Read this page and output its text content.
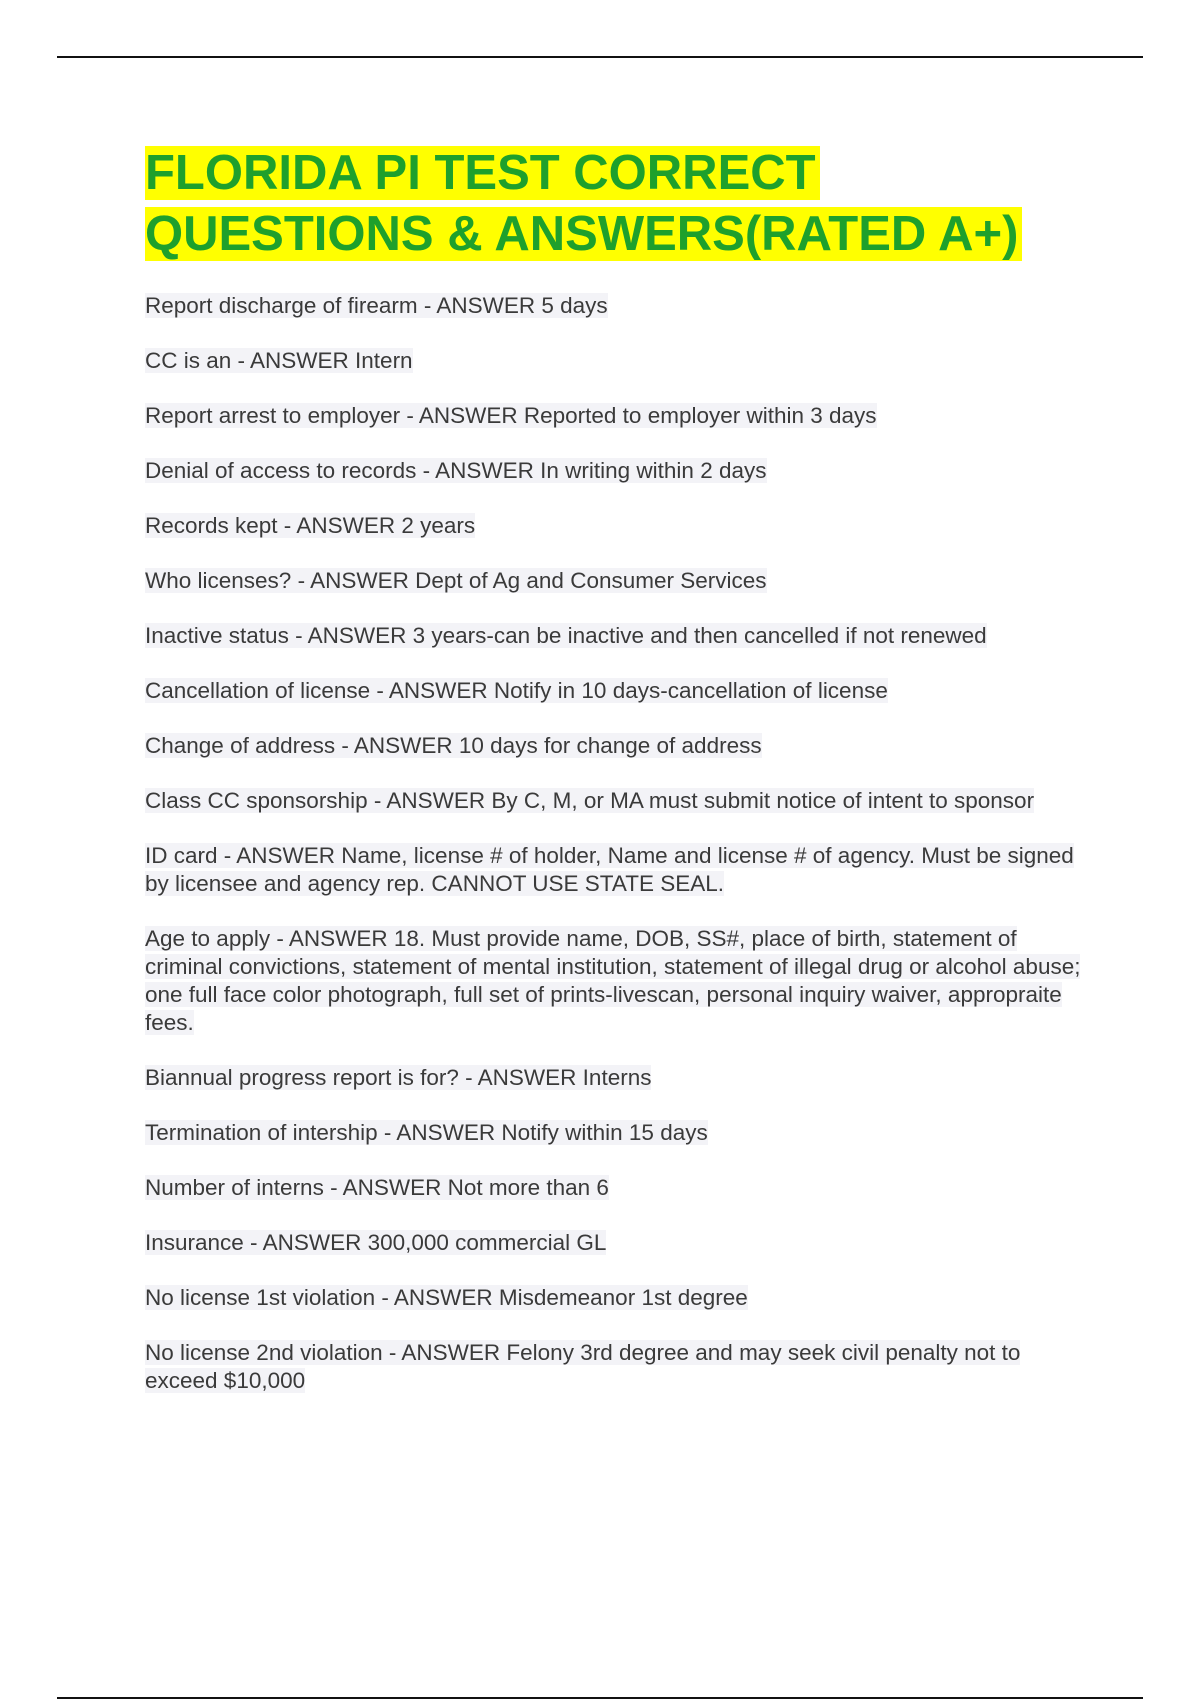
FLORIDA PI TEST CORRECT
QUESTIONS & ANSWERS(RATED A+)
Report discharge of firearm - ANSWER 5 days
CC is an - ANSWER Intern
Report arrest to employer - ANSWER Reported to employer within 3 days
Denial of access to records - ANSWER In writing within 2 days
Records kept - ANSWER 2 years
Who licenses? - ANSWER Dept of Ag and Consumer Services
Inactive status - ANSWER 3 years-can be inactive and then cancelled if not renewed
Cancellation of license - ANSWER Notify in 10 days-cancellation of license
Change of address - ANSWER 10 days for change of address
Class CC sponsorship - ANSWER By C, M, or MA must submit notice of intent to sponsor
ID card - ANSWER Name, license # of holder, Name and license # of agency. Must be signed by licensee and agency rep. CANNOT USE STATE SEAL.
Age to apply - ANSWER 18. Must provide name, DOB, SS#, place of birth, statement of criminal convictions, statement of mental institution, statement of illegal drug or alcohol abuse; one full face color photograph, full set of prints-livescan, personal inquiry waiver, appropraite fees.
Biannual progress report is for? - ANSWER Interns
Termination of intership - ANSWER Notify within 15 days
Number of interns - ANSWER Not more than 6
Insurance - ANSWER 300,000 commercial GL
No license 1st violation - ANSWER Misdemeanor 1st degree
No license 2nd violation - ANSWER Felony 3rd degree and may seek civil penalty not to exceed $10,000
